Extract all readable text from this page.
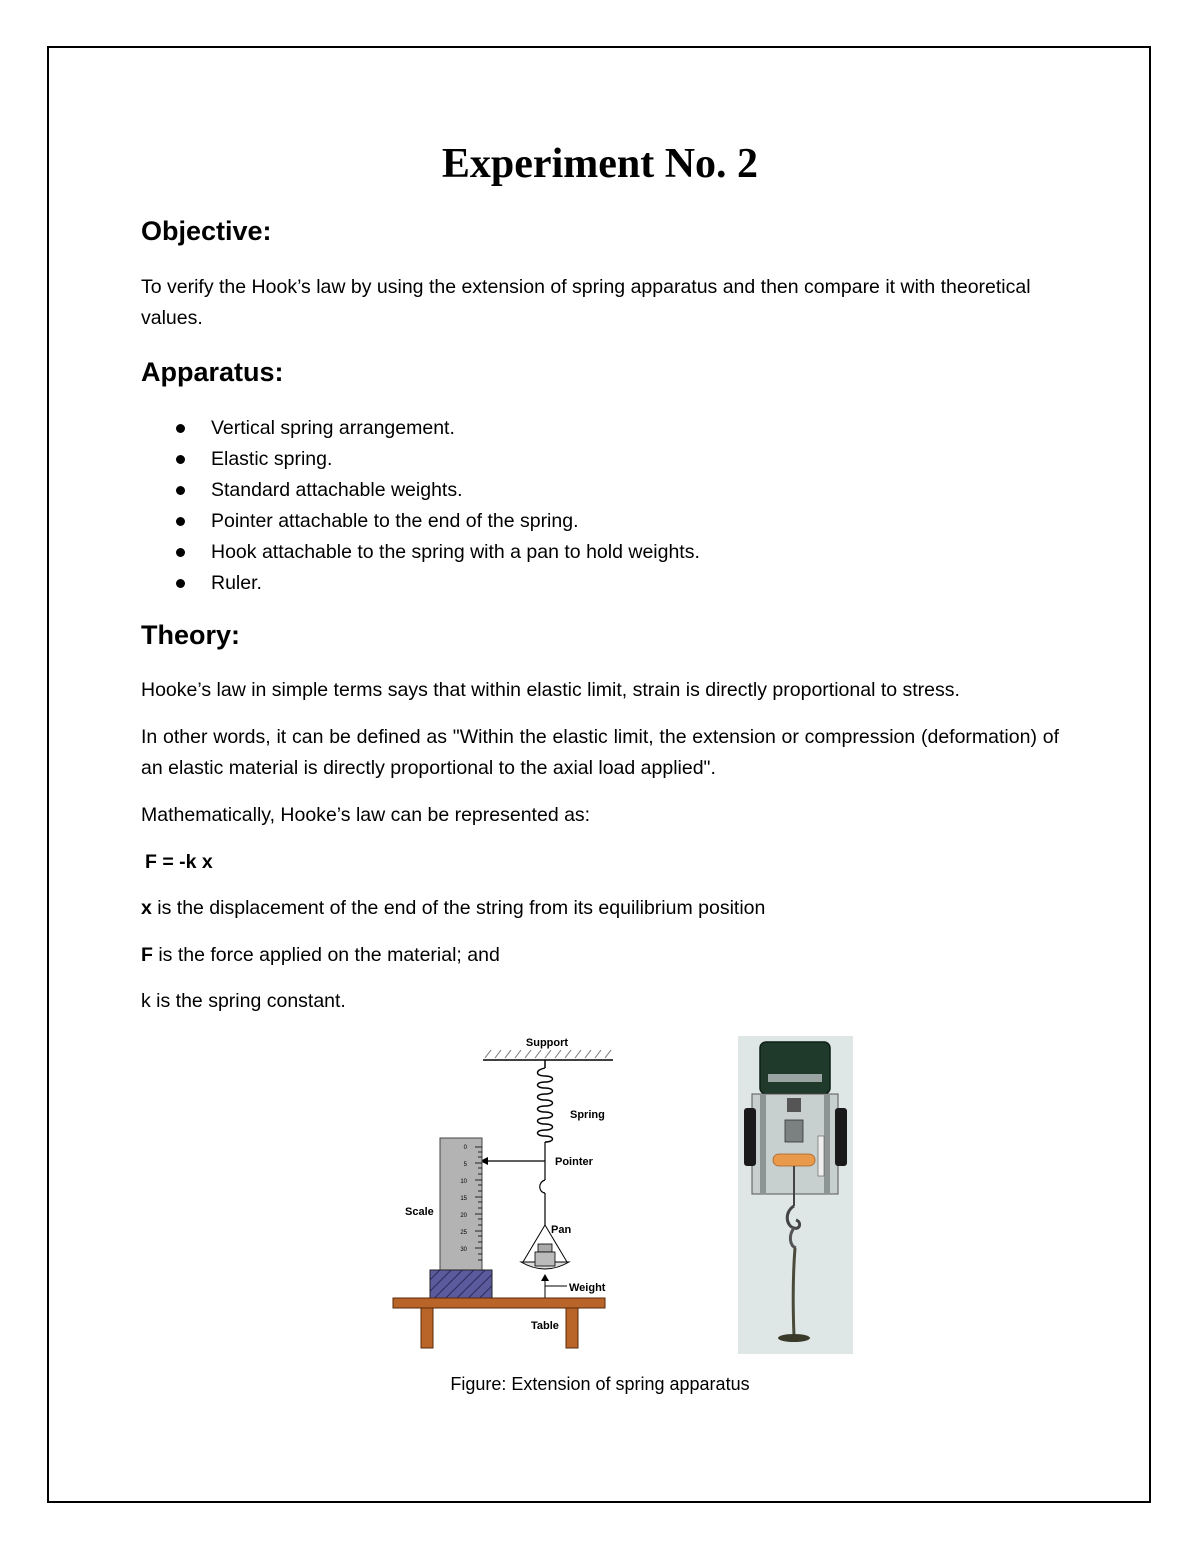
Experiment No. 2
Objective:
To verify the Hook’s law by using the extension of spring apparatus and then compare it with theoretical values.
Apparatus:
Vertical spring arrangement.
Elastic spring.
Standard attachable weights.
Pointer attachable to the end of the spring.
Hook attachable to the spring with a pan to hold weights.
Ruler.
Theory:
Hooke’s law in simple terms says that within elastic limit, strain is directly proportional to stress.
In other words, it can be defined as "Within the elastic limit, the extension or compression (deformation) of an elastic material is directly proportional to the axial load applied".
Mathematically, Hooke’s law can be represented as:
F = -k x
x is the displacement of the end of the string from its equilibrium position
F is the force applied on the material; and
k is the spring constant.
Support
Spring
Pointer
0
5
10
15
20
25
30
Scale
Pan
Weight
Table
Figure: Extension of spring apparatus
